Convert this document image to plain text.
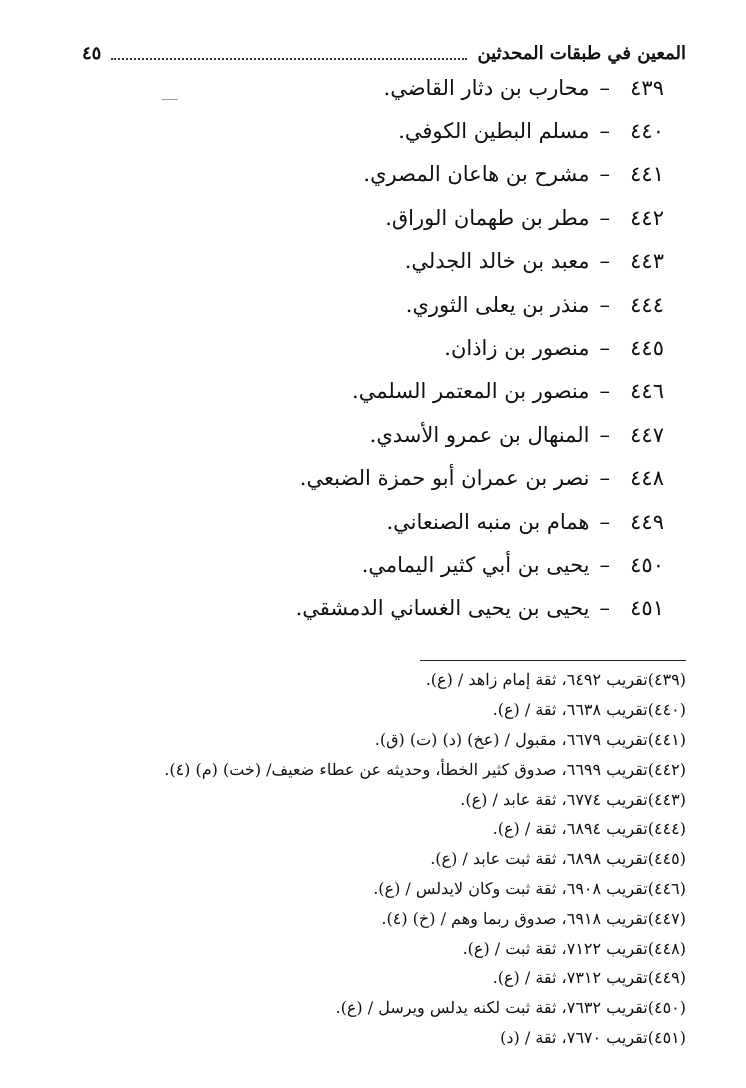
المعين في طبقات المحدثين
٤٥
٤٣٩
–
محارب بن دثار القاضي.
٤٤٠
–
مسلم البطين الكوفي.
٤٤١
–
مشرح بن هاعان المصري.
٤٤٢
–
مطر بن طهمان الوراق.
٤٤٣
–
معبد بن خالد الجدلي.
٤٤٤
–
منذر بن يعلى الثوري.
٤٤٥
–
منصور بن زاذان.
٤٤٦
–
منصور بن المعتمر السلمي.
٤٤٧
–
المنهال بن عمرو الأسدي.
٤٤٨
–
نصر بن عمران أبو حمزة الضبعي.
٤٤٩
–
همام بن منبه الصنعاني.
٤٥٠
–
يحيى بن أبي كثير اليمامي.
٤٥١
–
يحيى بن يحيى الغساني الدمشقي.
(٤٣٩)تقريب ٦٤٩٢، ثقة إمام زاهد / (ع).
(٤٤٠)تقريب ٦٦٣٨، ثقة / (ع).
(٤٤١)تقريب ٦٦٧٩، مقبول / (عخ) (د) (ت) (ق).
(٤٤٢)تقريب ٦٦٩٩، صدوق كثير الخطأ، وحديثه عن عطاء ضعيف/ (خت) (م) (٤).
(٤٤٣)تقريب ٦٧٧٤، ثقة عابد / (ع).
(٤٤٤)تقريب ٦٨٩٤، ثقة / (ع).
(٤٤٥)تقريب ٦٨٩٨، ثقة ثبت عابد / (ع).
(٤٤٦)تقريب ٦٩٠٨، ثقة ثبت وكان لايدلس / (ع).
(٤٤٧)تقريب ٦٩١٨، صدوق ربما وهم / (خ) (٤).
(٤٤٨)تقريب ٧١٢٢، ثقة ثبت / (ع).
(٤٤٩)تقريب ٧٣١٢، ثقة / (ع).
(٤٥٠)تقريب ٧٦٣٢، ثقة ثبت لكنه يدلس ويرسل / (ع).
(٤٥١)تقريب ٧٦٧٠، ثقة / (د)
